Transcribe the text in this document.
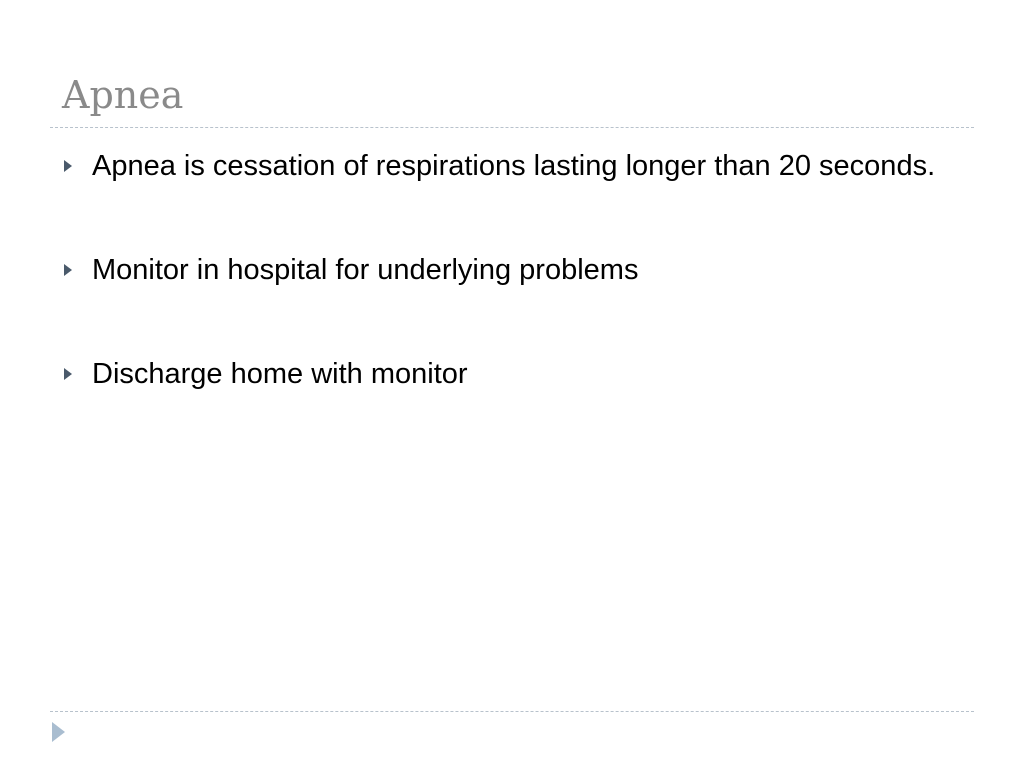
Apnea
Apnea is cessation of respirations lasting longer than 20 seconds.
Monitor in hospital for underlying problems
Discharge home with monitor
